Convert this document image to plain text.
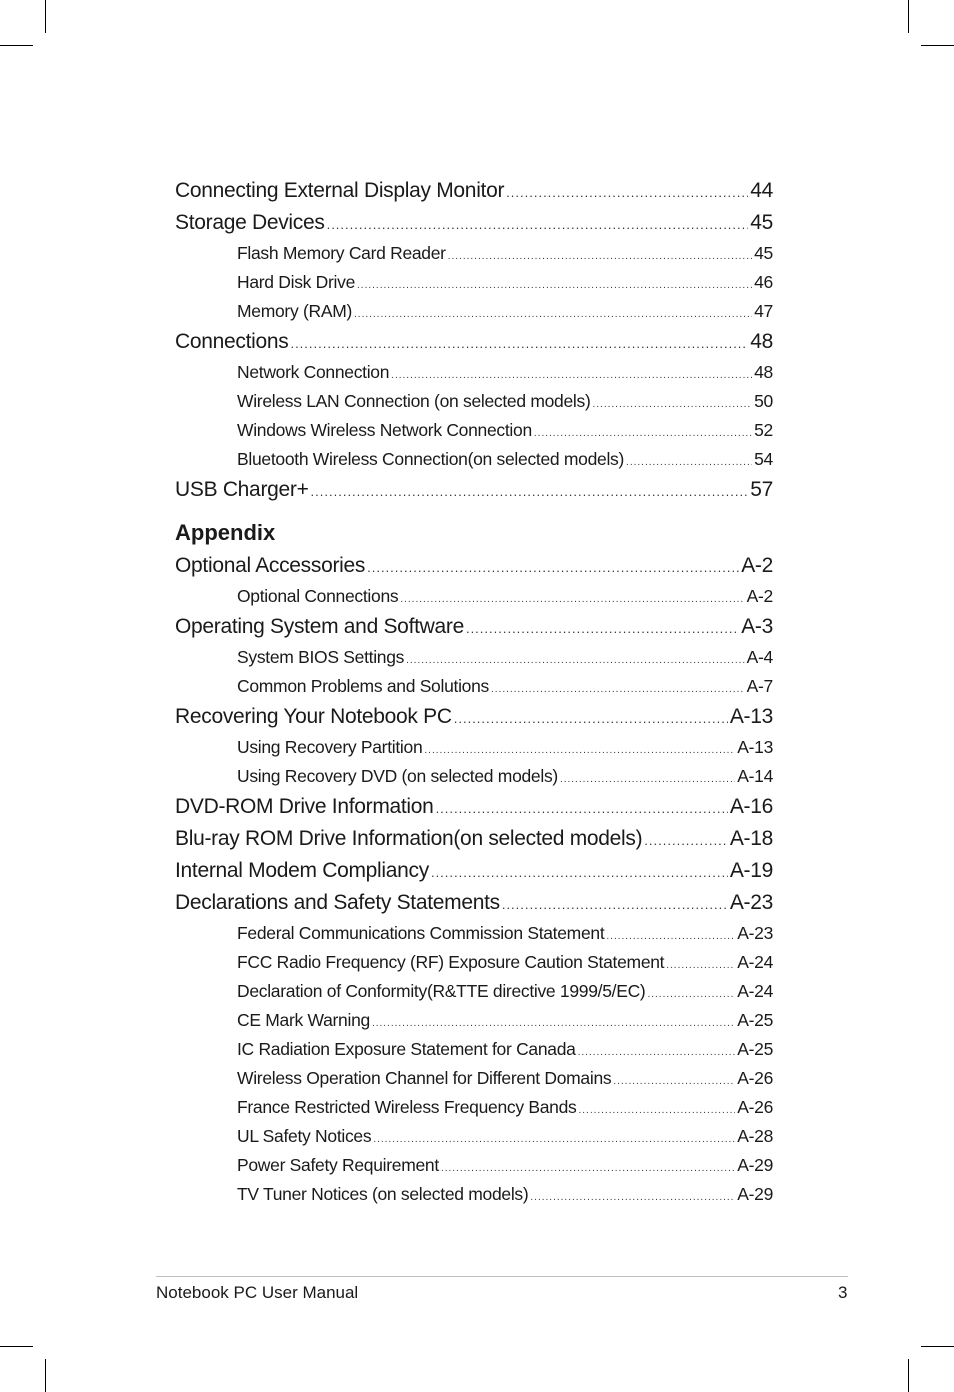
Connecting External Display Monitor .....	44
Storage Devices .....	45
Flash Memory Card Reader .....	45
Hard Disk Drive .....	46
Memory (RAM) .....	47
Connections .....	48
Network Connection .....	48
Wireless LAN Connection (on selected models) .....	50
Windows Wireless Network Connection .....	52
Bluetooth Wireless Connection(on selected models) .....	54
USB Charger+ .....	57
Appendix
Optional Accessories .....	A-2
Optional Connections .....	A-2
Operating System and Software .....	A-3
System BIOS Settings .....	A-4
Common Problems and Solutions .....	A-7
Recovering Your Notebook PC .....	A-13
Using Recovery Partition .....	A-13
Using Recovery DVD (on selected models) .....	A-14
DVD-ROM Drive Information .....	A-16
Blu-ray ROM Drive Information(on selected models) .....	A-18
Internal Modem Compliancy .....	A-19
Declarations and Safety Statements .....	A-23
Federal Communications Commission Statement .....	A-23
FCC Radio Frequency (RF) Exposure Caution Statement .....	A-24
Declaration of Conformity(R&TTE directive 1999/5/EC) .....	A-24
CE Mark Warning .....	A-25
IC Radiation Exposure Statement for Canada .....	A-25
Wireless Operation Channel for Different Domains .....	A-26
France Restricted Wireless Frequency Bands .....	A-26
UL Safety Notices .....	A-28
Power Safety Requirement .....	A-29
TV Tuner Notices (on selected models) .....	A-29
Notebook PC User Manual	3
